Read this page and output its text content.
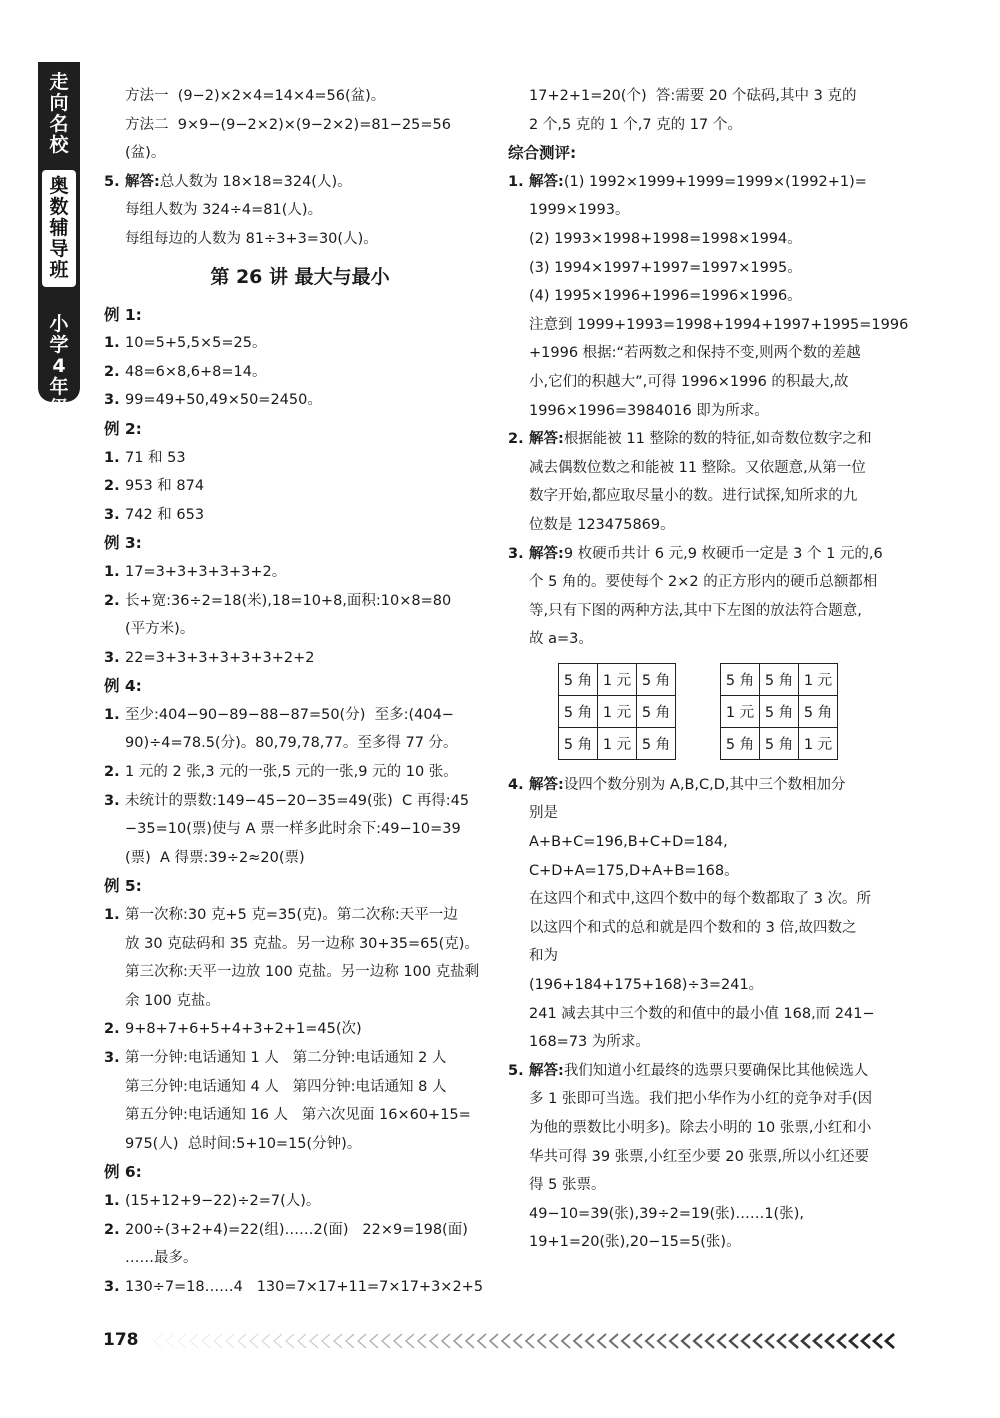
走
向
名
校
奥
数
辅
导
班
小
学
4
年
级
方法一  (9−2)×2×4=14×4=56(盆)。
方法二  9×9−(9−2×2)×(9−2×2)=81−25=56
(盆)。
5. 解答:总人数为 18×18=324(人)。
每组人数为 324÷4=81(人)。
每组每边的人数为 81÷3+3=30(人)。
第 26 讲 最大与最小
例 1:
1. 10=5+5,5×5=25。
2. 48=6×8,6+8=14。
3. 99=49+50,49×50=2450。
例 2:
1. 71 和 53
2. 953 和 874
3. 742 和 653
例 3:
1. 17=3+3+3+3+3+2。
2. 长+宽:36÷2=18(米),18=10+8,面积:10×8=80
(平方米)。
3. 22=3+3+3+3+3+3+2+2
例 4:
1. 至少:404−90−89−88−87=50(分)  至多:(404−
90)÷4=78.5(分)。80,79,78,77。至多得 77 分。
2. 1 元的 2 张,3 元的一张,5 元的一张,9 元的 10 张。
3. 未统计的票数:149−45−20−35=49(张)  C 再得:45
−35=10(票)使与 A 票一样多此时余下:49−10=39
(票)  A 得票:39÷2≈20(票)
例 5:
1. 第一次称:30 克+5 克=35(克)。第二次称:天平一边
放 30 克砝码和 35 克盐。另一边称 30+35=65(克)。
第三次称:天平一边放 100 克盐。另一边称 100 克盐剩
余 100 克盐。
2. 9+8+7+6+5+4+3+2+1=45(次)
3. 第一分钟:电话通知 1 人   第二分钟:电话通知 2 人
第三分钟:电话通知 4 人   第四分钟:电话通知 8 人
第五分钟:电话通知 16 人   第六次见面 16×60+15=
975(人)  总时间:5+10=15(分钟)。
例 6:
1. (15+12+9−22)÷2=7(人)。
2. 200÷(3+2+4)=22(组)……2(面)   22×9=198(面)
……最多。
3. 130÷7=18……4   130=7×17+11=7×17+3×2+5
17+2+1=20(个)  答:需要 20 个砝码,其中 3 克的
2 个,5 克的 1 个,7 克的 17 个。
综合测评:
1. 解答:(1) 1992×1999+1999=1999×(1992+1)=
1999×1993。
(2) 1993×1998+1998=1998×1994。
(3) 1994×1997+1997=1997×1995。
(4) 1995×1996+1996=1996×1996。
注意到 1999+1993=1998+1994+1997+1995=1996
+1996 根据:“若两数之和保持不变,则两个数的差越
小,它们的积越大”,可得 1996×1996 的积最大,故
1996×1996=3984016 即为所求。
2. 解答:根据能被 11 整除的数的特征,如奇数位数字之和
减去偶数位数之和能被 11 整除。又依题意,从第一位
数字开始,都应取尽量小的数。进行试探,知所求的九
位数是 123475869。
3. 解答:9 枚硬币共计 6 元,9 枚硬币一定是 3 个 1 元的,6
个 5 角的。要使每个 2×2 的正方形内的硬币总额都相
等,只有下图的两种方法,其中下左图的放法符合题意,
故 a=3。
5 角	1 元	5 角
5 角	1 元	5 角
5 角	1 元	5 角
5 角	5 角	1 元
1 元	5 角	5 角
5 角	5 角	1 元
4. 解答:设四个数分别为 A,B,C,D,其中三个数相加分
别是
A+B+C=196,B+C+D=184,
C+D+A=175,D+A+B=168。
在这四个和式中,这四个数中的每个数都取了 3 次。所
以这四个和式的总和就是四个数和的 3 倍,故四数之
和为
(196+184+175+168)÷3=241。
241 减去其中三个数的和值中的最小值 168,而 241−
168=73 为所求。
5. 解答:我们知道小红最终的选票只要确保比其他候选人
多 1 张即可当选。我们把小华作为小红的竞争对手(因
为他的票数比小明多)。除去小明的 10 张票,小红和小
华共可得 39 张票,小红至少要 20 张票,所以小红还要
得 5 张票。
49−10=39(张),39÷2=19(张)……1(张),
19+1=20(张),20−15=5(张)。
178
